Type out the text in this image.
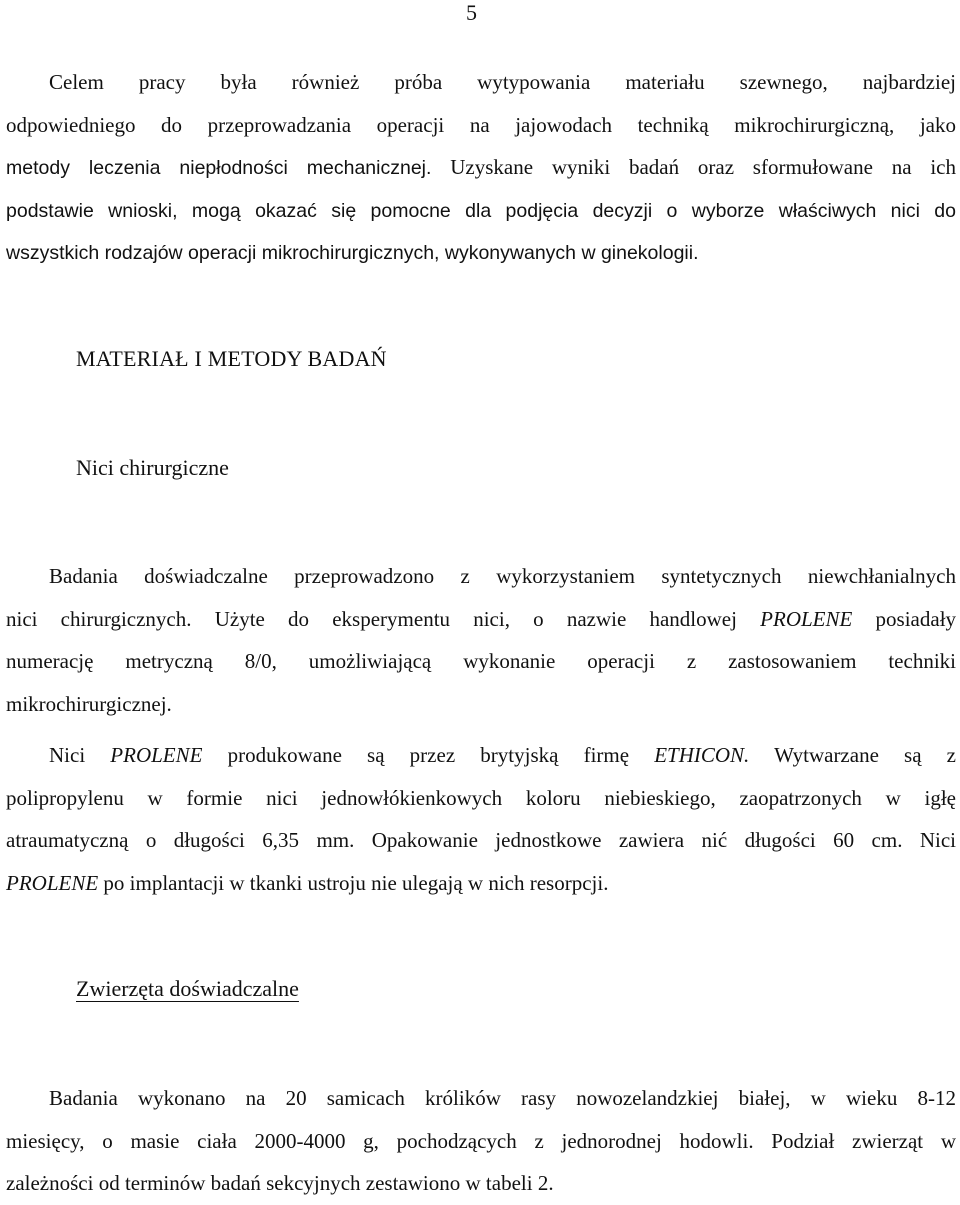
5
Celem pracy była również próba wytypowania materiału szewnego, najbardziej
odpowiedniego do przeprowadzania operacji na jajowodach techniką mikrochirurgiczną, jako
metody leczenia niepłodności mechanicznej. Uzyskane wyniki badań oraz sformułowane na ich
podstawie wnioski, mogą okazać się pomocne dla podjęcia decyzji o wyborze właściwych nici do
wszystkich rodzajów operacji mikrochirurgicznych, wykonywanych w ginekologii.
MATERIAŁ I METODY BADAŃ
Nici chirurgiczne
Badania doświadczalne przeprowadzono z wykorzystaniem syntetycznych niewchłanialnych
nici chirurgicznych. Użyte do eksperymentu nici, o nazwie handlowej PROLENE posiadały
numerację metryczną 8/0, umożliwiającą wykonanie operacji z zastosowaniem techniki
mikrochirurgicznej.
Nici PROLENE produkowane są przez brytyjską firmę ETHICON. Wytwarzane są z
polipropylenu w formie nici jednowłókienkowych koloru niebieskiego, zaopatrzonych w igłę
atraumatyczną o długości 6,35 mm. Opakowanie jednostkowe zawiera nić długości 60 cm. Nici
PROLENE po implantacji w tkanki ustroju nie ulegają w nich resorpcji.
Zwierzęta doświadczalne
Badania wykonano na 20 samicach królików rasy nowozelandzkiej białej, w wieku 8-12
miesięcy, o masie ciała 2000-4000 g, pochodzących z jednorodnej hodowli. Podział zwierząt w
zależności od terminów badań sekcyjnych zestawiono w tabeli 2.
